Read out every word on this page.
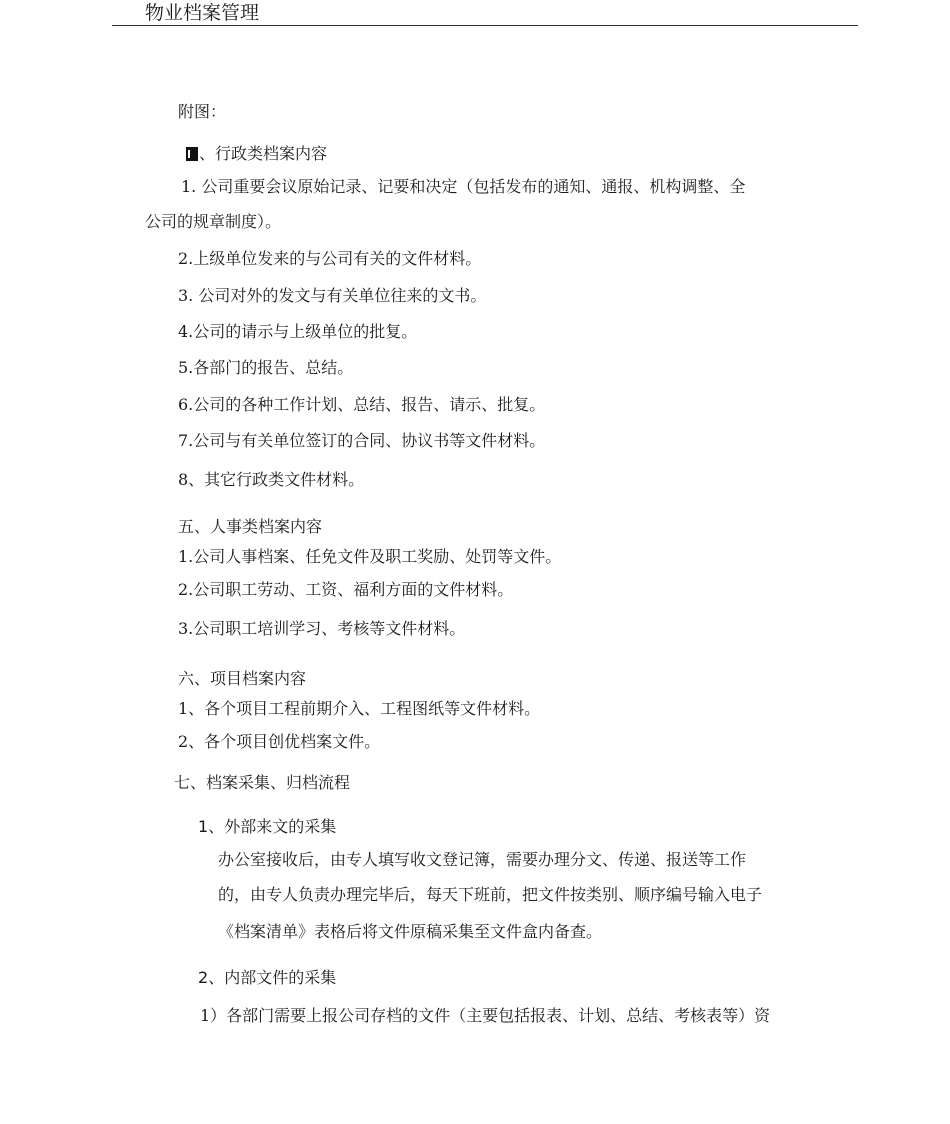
物业档案管理
附图：
、行政类档案内容
1. 公司重要会议原始记录、记要和决定（包括发布的通知、通报、机构调整、全
公司的规章制度）。
2.上级单位发来的与公司有关的文件材料。
3. 公司对外的发文与有关单位往来的文书。
4.公司的请示与上级单位的批复。
5.各部门的报告、总结。
6.公司的各种工作计划、总结、报告、请示、批复。
7.公司与有关单位签订的合同、协议书等文件材料。
8、其它行政类文件材料。
五、人事类档案内容
1.公司人事档案、任免文件及职工奖励、处罚等文件。
2.公司职工劳动、工资、福利方面的文件材料。
3.公司职工培训学习、考核等文件材料。
六、项目档案内容
1、各个项目工程前期介入、工程图纸等文件材料。
2、各个项目创优档案文件。
七、档案采集、归档流程
1、外部来文的采集
办公室接收后，由专人填写收文登记簿，需要办理分文、传递、报送等工作
的，由专人负责办理完毕后，每天下班前，把文件按类别、顺序编号输入电子
《档案清单》表格后将文件原稿采集至文件盒内备查。
2、内部文件的采集
1）各部门需要上报公司存档的文件（主要包括报表、计划、总结、考核表等）资
